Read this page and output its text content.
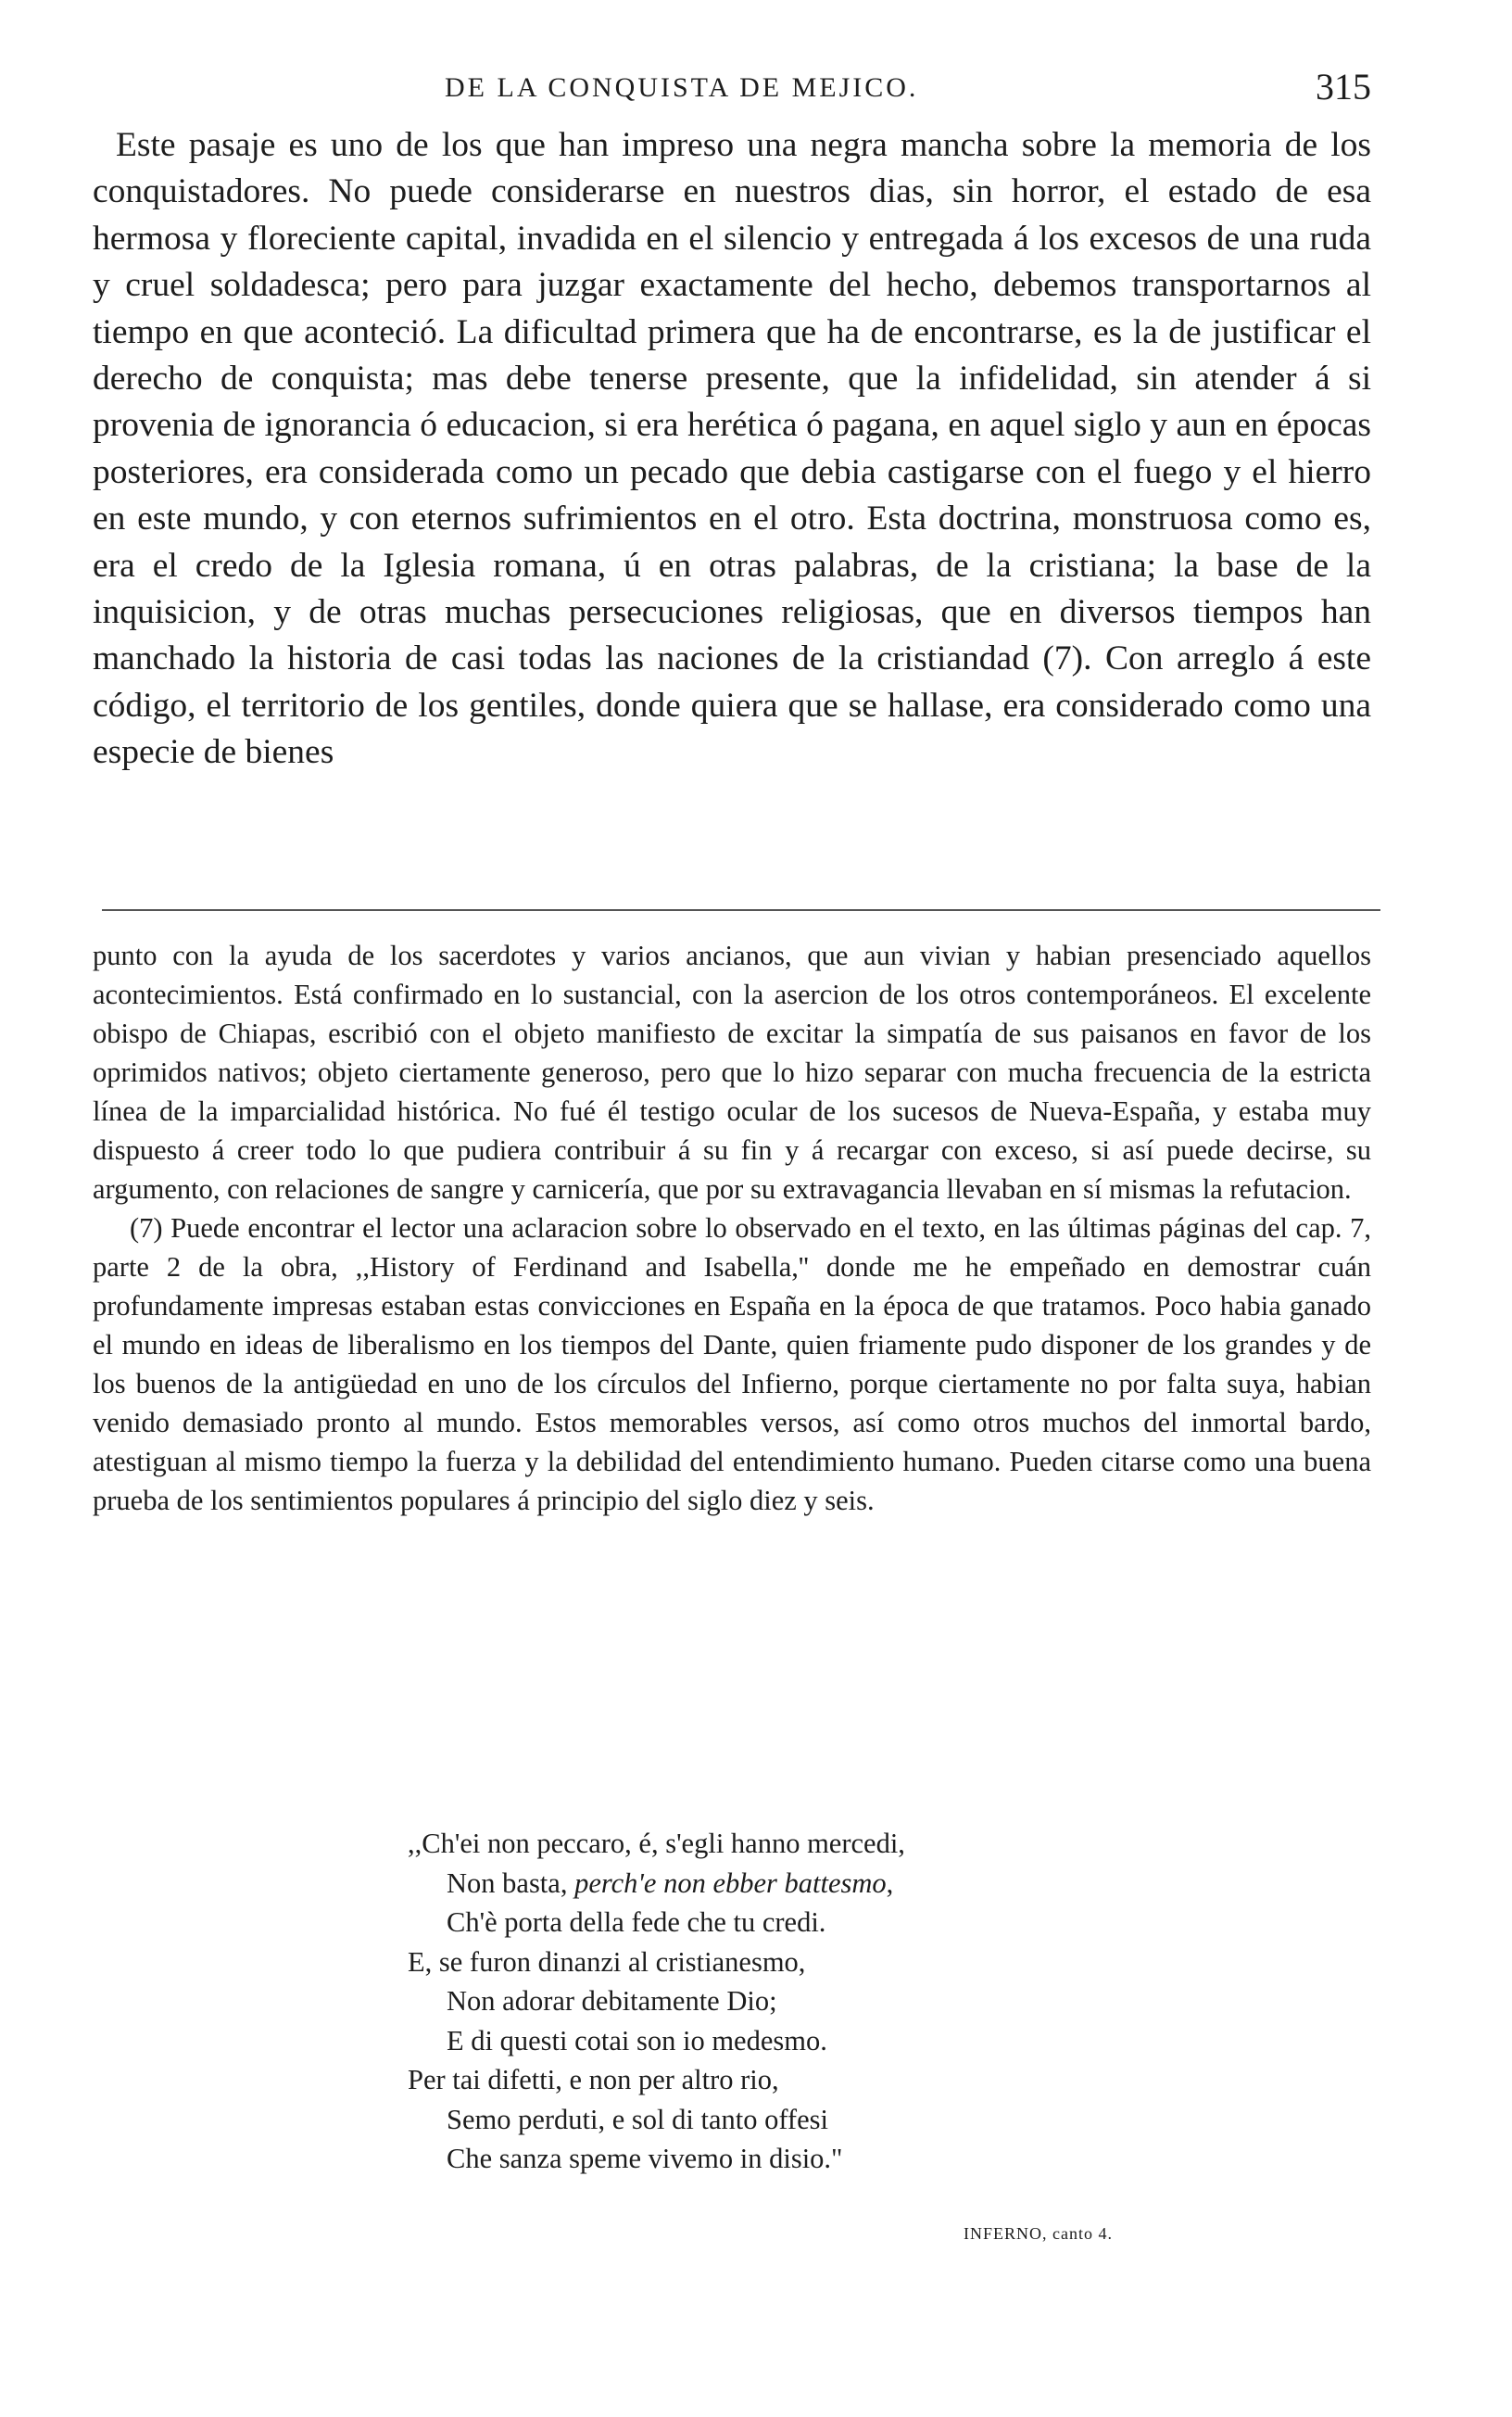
DE LA CONQUISTA DE MEJICO.	315

Este pasaje es uno de los que han impreso una negra mancha sobre la memoria de los conquistadores. No puede considerarse en nuestros dias, sin horror, el estado de esa hermosa y floreciente capital, invadida en el silencio y entregada á los excesos de una ruda y cruel soldadesca; pero para juzgar exactamente del hecho, debemos transportarnos al tiempo en que aconteció. La dificultad primera que ha de encontrarse, es la de justificar el derecho de conquista; mas debe tenerse presente, que la infidelidad, sin atender á si provenia de ignorancia ó educacion, si era herética ó pagana, en aquel siglo y aun en épocas posteriores, era considerada como un pecado que debia castigarse con el fuego y el hierro en este mundo, y con eternos sufrimientos en el otro. Esta doctrina, monstruosa como es, era el credo de la Iglesia romana, ú en otras palabras, de la cristiana; la base de la inquisicion, y de otras muchas persecuciones religiosas, que en diversos tiempos han manchado la historia de casi todas las naciones de la cristiandad (7). Con arreglo á este código, el territorio de los gentiles, donde quiera que se hallase, era considerado como una especie de bienes

punto con la ayuda de los sacerdotes y varios ancianos, que aun vivian y habian presenciado aquellos acontecimientos. Está confirmado en lo sustancial, con la asercion de los otros contemporáneos. El excelente obispo de Chiapas, escribió con el objeto manifiesto de excitar la simpatía de sus paisanos en favor de los oprimidos nativos; objeto ciertamente generoso, pero que lo hizo separar con mucha frecuencia de la estricta línea de la imparcialidad histórica. No fué él testigo ocular de los sucesos de Nueva-España, y estaba muy dispuesto á creer todo lo que pudiera contribuir á su fin y á recargar con exceso, si así puede decirse, su argumento, con relaciones de sangre y carnicería, que por su extravagancia llevaban en sí mismas la refutacion.

(7) Puede encontrar el lector una aclaracion sobre lo observado en el texto, en las últimas páginas del cap. 7, parte 2 de la obra, ,,History of Ferdinand and Isabella,'' donde me he empeñado en demostrar cuán profundamente impresas estaban estas convicciones en España en la época de que tratamos. Poco habia ganado el mundo en ideas de liberalismo en los tiempos del Dante, quien friamente pudo disponer de los grandes y de los buenos de la antigüedad en uno de los círculos del Infierno, porque ciertamente no por falta suya, habian venido demasiado pronto al mundo. Estos memorables versos, así como otros muchos del inmortal bardo, atestiguan al mismo tiempo la fuerza y la debilidad del entendimiento humano. Pueden citarse como una buena prueba de los sentimientos populares á principio del siglo diez y seis.

,,Ch'ei non peccaro, é, s'egli hanno mercedi,
Non basta, perch'e non ebber battesmo,
Ch'è porta della fede che tu credi.
E, se furon dinanzi al cristianesmo,
Non adorar debitamente Dio;
E di questi cotai son io medesmo.
Per tai difetti, e non per altro rio,
Semo perduti, e sol di tanto offesi
Che sanza speme vivemo in disio."
INFERNO, canto 4.
